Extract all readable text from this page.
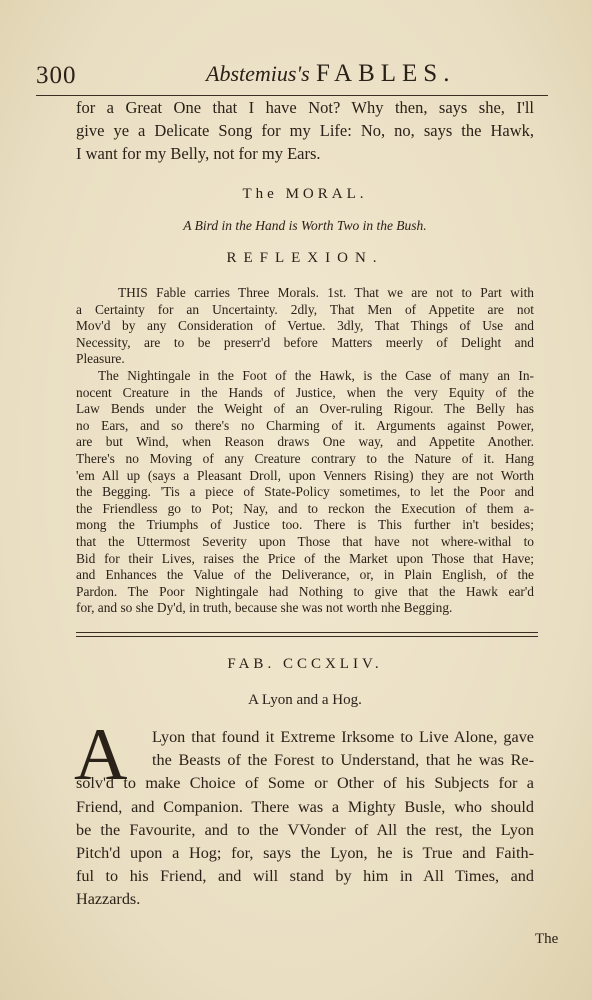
300	Abstemius's FABLES.
for a Great One that I have Not? Why then, says she, I'll
give ye a Delicate Song for my Life: No, no, says the Hawk,
I want for my Belly, not for my Ears.
The MORAL.
A Bird in the Hand is Worth Two in the Bush.
REFLEXION.
THIS Fable carries Three Morals. 1st. That we are not to Part with
a Certainty for an Uncertainty. 2dly, That Men of Appetite are not
Mov'd by any Consideration of Vertue. 3dly, That Things of Use and
Necessity, are to be preserr'd before Matters meerly of Delight and
Pleasure.
The Nightingale in the Foot of the Hawk, is the Case of many an In-
nocent Creature in the Hands of Justice, when the very Equity of the
Law Bends under the Weight of an Over-ruling Rigour. The Belly has
no Ears, and so there's no Charming of it. Arguments against Power,
are but Wind, when Reason draws One way, and Appetite Another.
There's no Moving of any Creature contrary to the Nature of it. Hang
'em All up (says a Pleasant Droll, upon Venners Rising) they are not Worth
the Begging. 'Tis a piece of State-Policy sometimes, to let the Poor and
the Friendless go to Pot; Nay, and to reckon the Execution of them a-
mong the Triumphs of Justice too. There is This further in't besides;
that the Uttermost Severity upon Those that have not where-withal to
Bid for their Lives, raises the Price of the Market upon Those that Have;
and Enhances the Value of the Deliverance, or, in Plain English, of the
Pardon. The Poor Nightingale had Nothing to give that the Hawk ear'd
for, and so she Dy'd, in truth, because she was not worth nhe Begging.
FAB. CCCXLIV.
A Lyon and a Hog.
A	Lyon that found it Extreme Irksome to Live Alone, gave
the Beasts of the Forest to Understand, that he was Re-
solv'd to make Choice of Some or Other of his Subjects for a
Friend, and Companion. There was a Mighty Busle, who should
be the Favourite, and to the VVonder of All the rest, the Lyon
Pitch'd upon a Hog; for, says the Lyon, he is True and Faith-
ful to his Friend, and will stand by him in All Times, and
Hazzards.
The
